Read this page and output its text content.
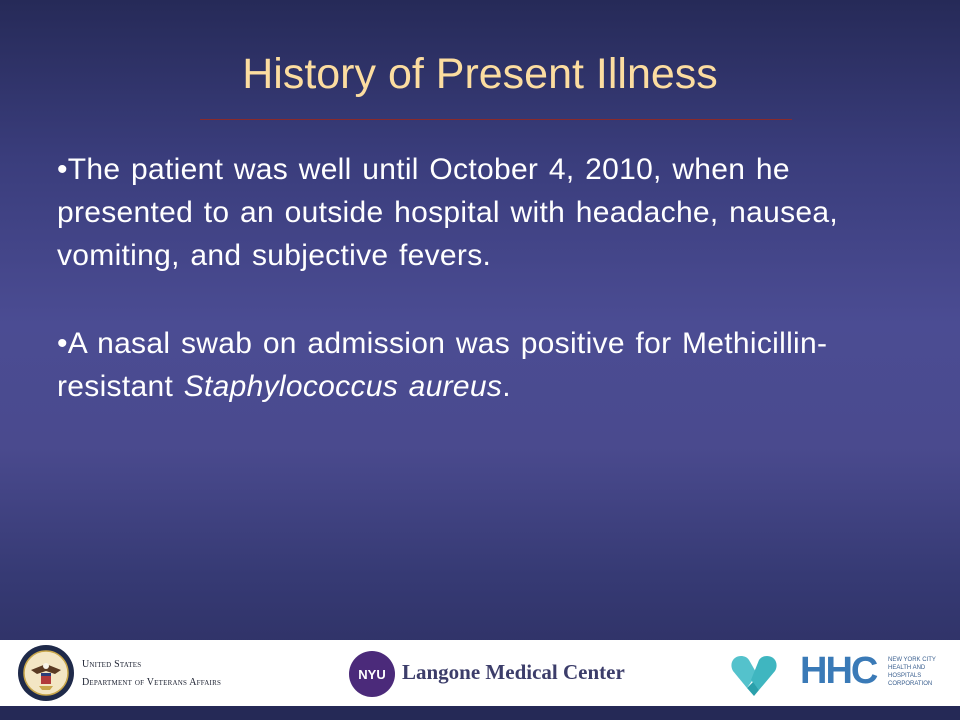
History of Present Illness

•The patient was well until October 4, 2010, when he presented to an outside hospital with headache, nausea, vomiting, and subjective fevers.

•A nasal swab on admission was positive for Methicillin-resistant Staphylococcus aureus.

United States
Department of Veterans Affairs
NYU Langone Medical Center	HHC NEW YORK CITY
HEALTH AND
HOSPITALS
CORPORATION
